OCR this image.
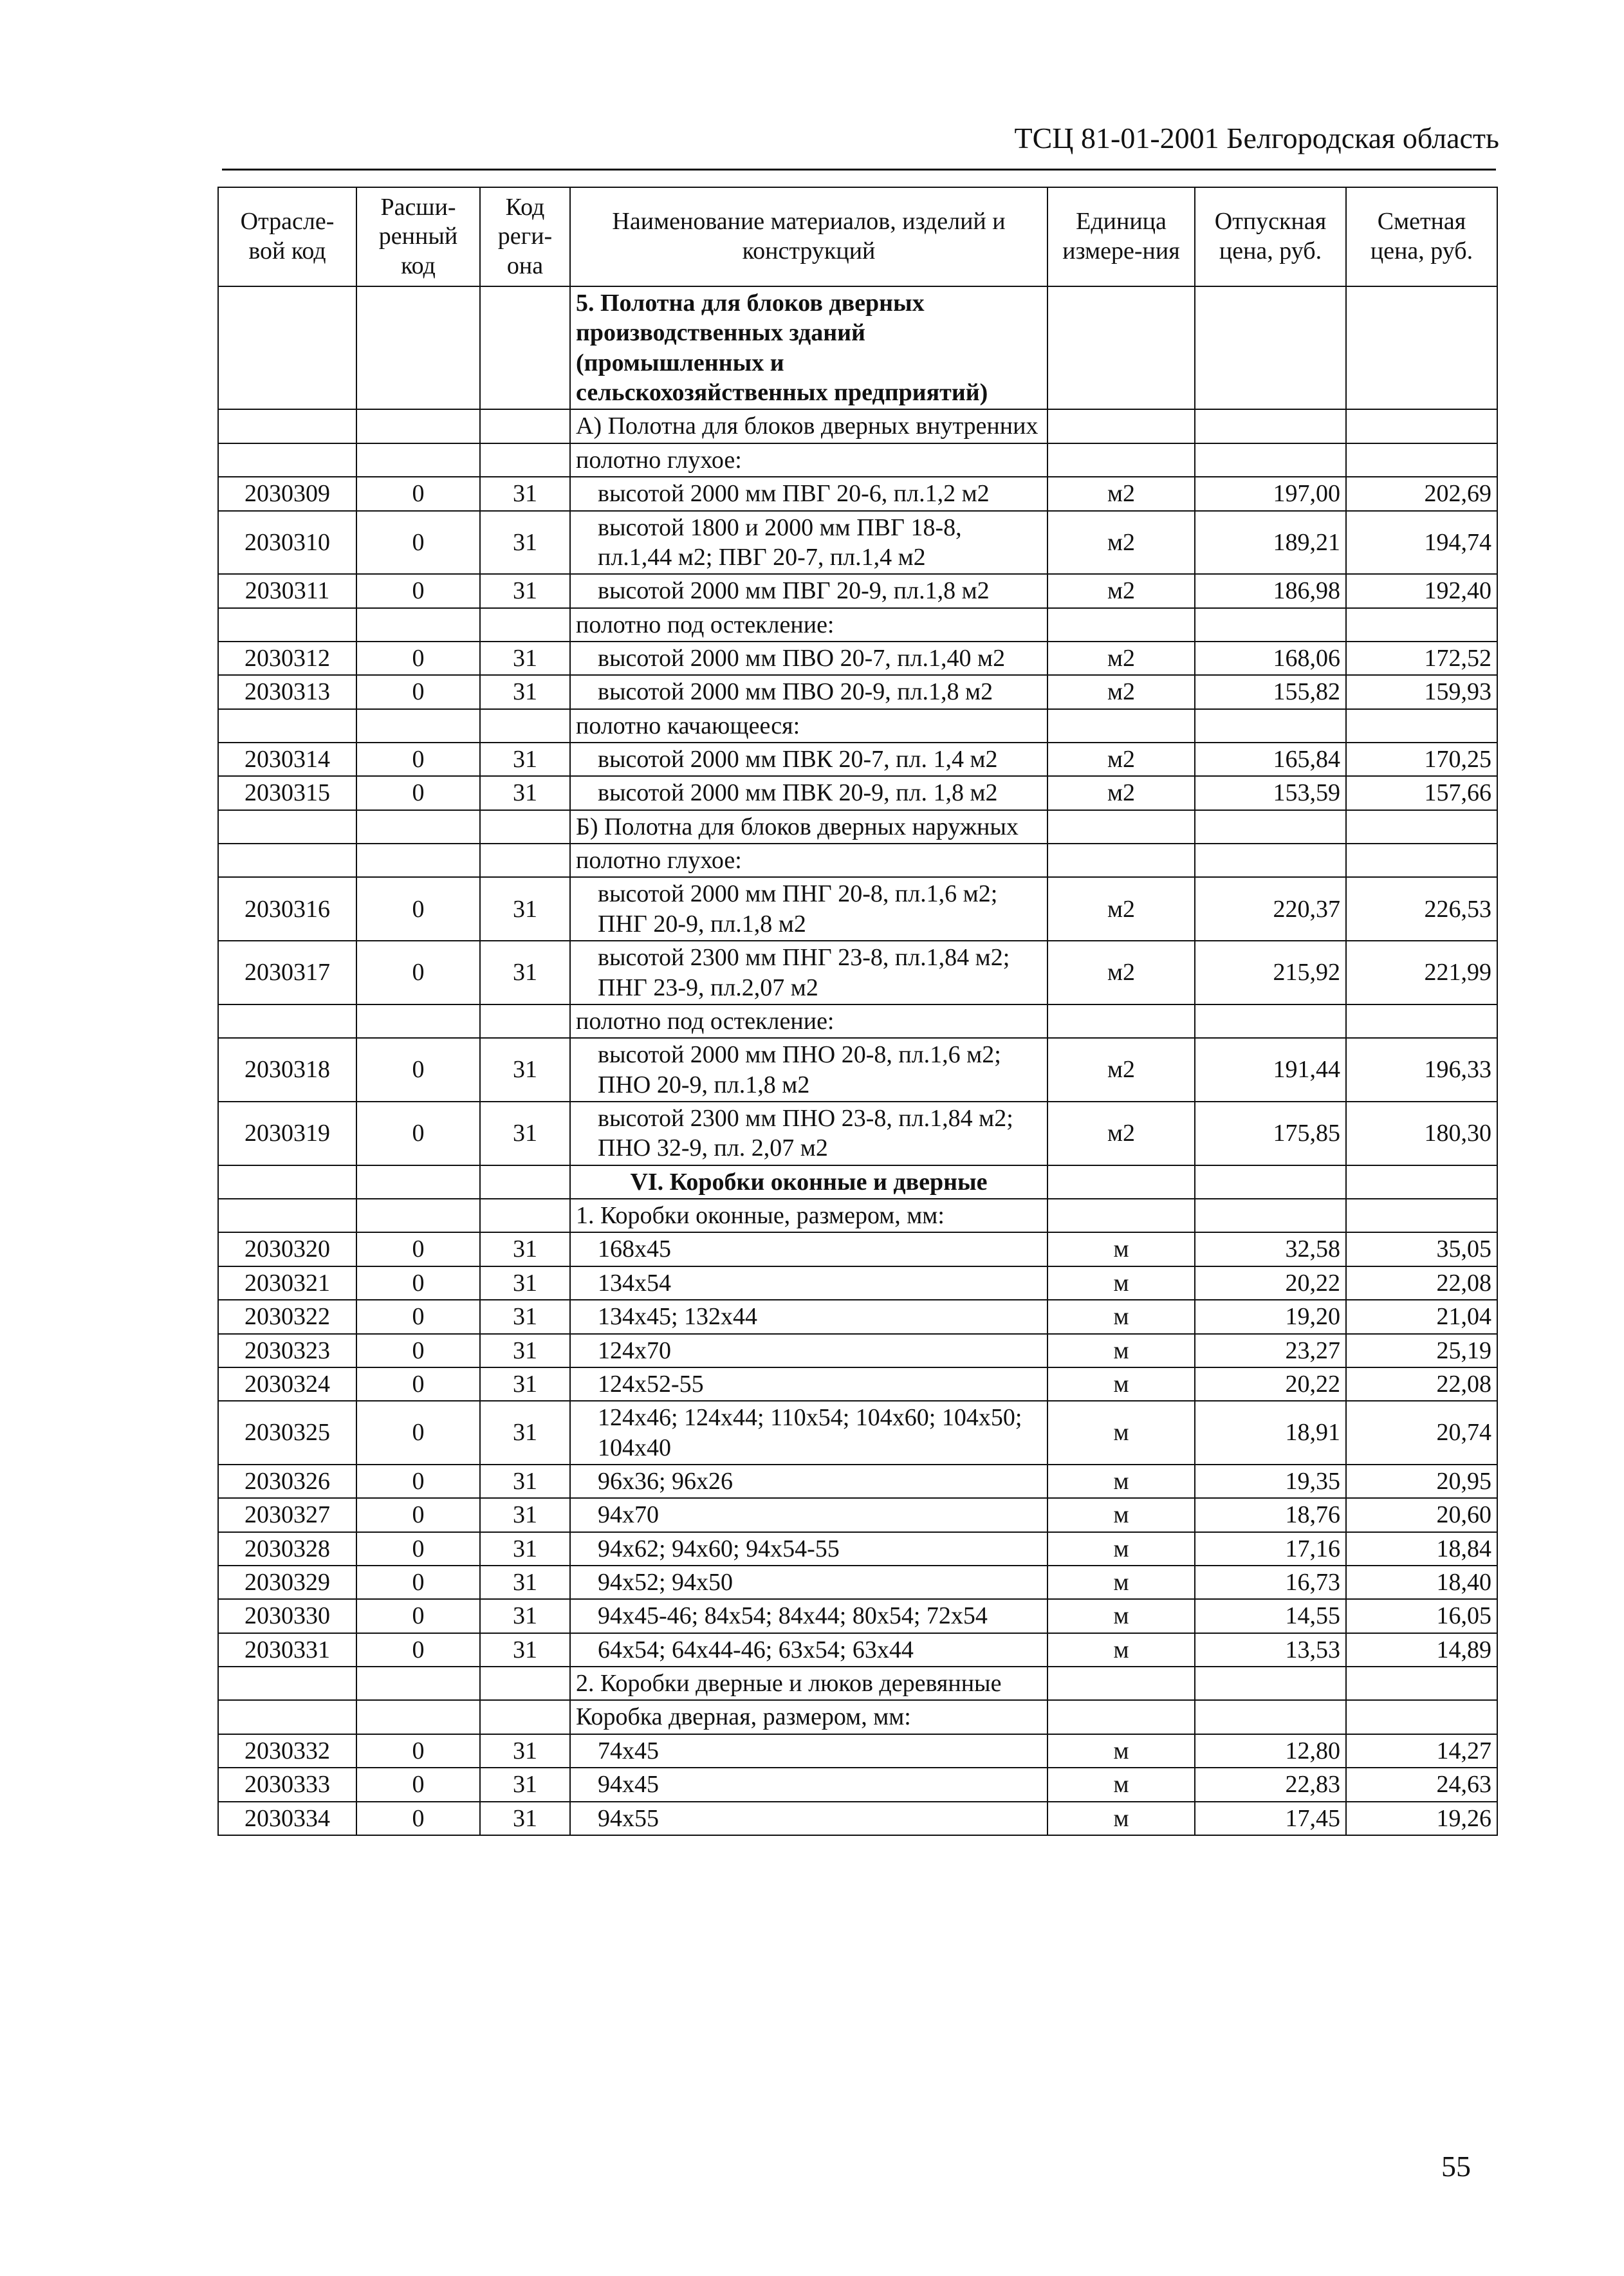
ТСЦ 81-01-2001 Белгородская область
Отрасле-вой код	Расши-ренный код	Код реги-она	Наименование материалов, изделий и конструкций	Единица измере-ния	Отпускная цена, руб.	Сметная цена, руб.
			5. Полотна для блоков дверных производственных зданий (промышленных и сельскохозяйственных предприятий)			
			А) Полотна для блоков дверных внутренних			
			полотно глухое:			
2030309	0	31	высотой 2000 мм ПВГ 20-6, пл.1,2 м2	м2	197,00	202,69
2030310	0	31	высотой 1800 и 2000 мм ПВГ 18-8, пл.1,44 м2; ПВГ 20-7, пл.1,4 м2	м2	189,21	194,74
2030311	0	31	высотой 2000 мм ПВГ 20-9, пл.1,8 м2	м2	186,98	192,40
			полотно под остекление:			
2030312	0	31	высотой 2000 мм ПВО 20-7, пл.1,40 м2	м2	168,06	172,52
2030313	0	31	высотой 2000 мм ПВО 20-9, пл.1,8 м2	м2	155,82	159,93
			полотно качающееся:			
2030314	0	31	высотой 2000 мм ПВК 20-7, пл. 1,4 м2	м2	165,84	170,25
2030315	0	31	высотой 2000 мм ПВК 20-9, пл. 1,8 м2	м2	153,59	157,66
			Б) Полотна для блоков дверных наружных			
			полотно глухое:			
2030316	0	31	высотой 2000 мм ПНГ 20-8, пл.1,6 м2; ПНГ 20-9, пл.1,8 м2	м2	220,37	226,53
2030317	0	31	высотой 2300 мм ПНГ 23-8, пл.1,84 м2; ПНГ 23-9, пл.2,07 м2	м2	215,92	221,99
			полотно под остекление:			
2030318	0	31	высотой 2000 мм ПНО 20-8, пл.1,6 м2; ПНО 20-9, пл.1,8 м2	м2	191,44	196,33
2030319	0	31	высотой 2300 мм ПНО 23-8, пл.1,84 м2; ПНО 32-9, пл. 2,07 м2	м2	175,85	180,30
			VI. Коробки оконные и дверные			
			1. Коробки оконные, размером, мм:			
2030320	0	31	168x45	м	32,58	35,05
2030321	0	31	134x54	м	20,22	22,08
2030322	0	31	134x45; 132x44	м	19,20	21,04
2030323	0	31	124x70	м	23,27	25,19
2030324	0	31	124x52-55	м	20,22	22,08
2030325	0	31	124x46; 124x44; 110x54; 104x60; 104x50; 104x40	м	18,91	20,74
2030326	0	31	96x36; 96x26	м	19,35	20,95
2030327	0	31	94x70	м	18,76	20,60
2030328	0	31	94x62; 94x60; 94x54-55	м	17,16	18,84
2030329	0	31	94x52; 94x50	м	16,73	18,40
2030330	0	31	94x45-46; 84x54; 84x44; 80x54; 72x54	м	14,55	16,05
2030331	0	31	64x54; 64x44-46; 63x54; 63x44	м	13,53	14,89
			2. Коробки дверные и люков деревянные			
			Коробка дверная, размером, мм:			
2030332	0	31	74x45	м	12,80	14,27
2030333	0	31	94x45	м	22,83	24,63
2030334	0	31	94x55	м	17,45	19,26
55
